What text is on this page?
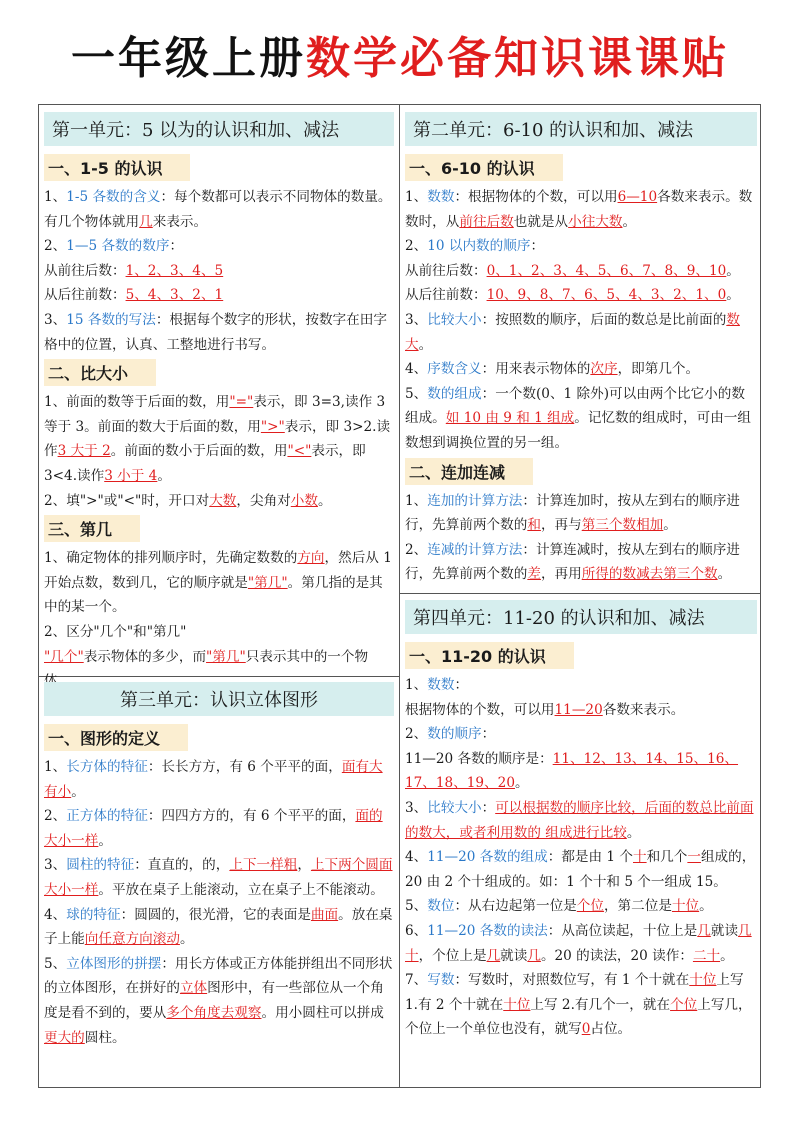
一年级上册数学必备知识课课贴
第一单元：5 以为的认识和加、减法
一、1-5 的认识
1、1-5 各数的含义：每个数都可以表示不同物体的数量。有几个物体就用几来表示。
2、1—5 各数的数序：
从前往后数：1、2、3、4、5
从后往前数：5、4、3、2、1
3、15 各数的写法：根据每个数字的形状，按数字在田字格中的位置，认真、工整地进行书写。
二、比大小
1、前面的数等于后面的数，用"="表示，即 3=3,读作 3 等于 3。前面的数大于后面的数，用">"表示，即 3>2.读作3 大于 2。前面的数小于后面的数，用"<"表示，即 3<4.读作3 小于 4。
2、填">"或"<"时，开口对大数，尖角对小数。
三、第几
1、确定物体的排列顺序时，先确定数数的方向，然后从 1 开始点数，数到几，它的顺序就是"第几"。第几指的是其中的某一个。
2、区分"几个"和"第几"
"几个"表示物体的多少，而"第几"只表示其中的一个物
第三单元：认识立体图形
一、图形的定义
1、长方体的特征：长长方方，有 6 个平平的面，面有大有小。
2、正方体的特征：四四方方的，有 6 个平平的面，面的大小一样。
3、圆柱的特征：直直的，的，上下一样粗，上下两个圆面大小一样。平放在桌子上能滚动，立在桌子上不能滚动。
4、球的特征：圆圆的，很光滑，它的表面是曲面。放在桌子上能向任意方向滚动。
5、立体图形的拼摆：用长方体或正方体能拼组出不同形状的立体图形，在拼好的立体图形中，有一些部位从一个角度是看不到的，要从多个角度去观察。用小圆柱可以拼成更大的圆柱。
第二单元：6-10 的认识和加、减法
一、6-10 的认识
1、数数：根据物体的个数，可以用6—10各数来表示。数数时，从前往后数也就是从小往大数。
2、10 以内数的顺序：
从前往后数：0、1、2、3、4、5、6、7、8、9、10。
从后往前数：10、9、8、7、6、5、4、3、2、1、0。
3、比较大小：按照数的顺序，后面的数总是比前面的数大。
4、序数含义：用来表示物体的次序，即第几个。
5、数的组成：一个数(0、1 除外)可以由两个比它小的数组成。如 10 由 9 和 1 组成。记忆数的组成时，可由一组数想到调换位置的另一组。
二、连加连减
1、连加的计算方法：计算连加时，按从左到右的顺序进行，先算前两个数的和，再与第三个数相加。
2、连减的计算方法：计算连减时，按从左到右的顺序进行，先算前两个数的差，再用所得的数减去第三个数。
第四单元：11-20 的认识和加、减法
一、11-20 的认识
1、数数：
根据物体的个数，可以用11—20各数来表示。
2、数的顺序：
11—20 各数的顺序是：11、12、13、14、15、16、17、18、19、20。
3、比较大小：可以根据数的顺序比较，后面的数总比前面的数大，或者利用数的 组成进行比较。
4、11—20 各数的组成：都是由 1 个十和几个一组成的，20 由 2 个十组成的。如：1 个十和 5 个一组成 15。
5、数位：从右边起第一位是个位，第二位是十位。
6、11—20 各数的读法：从高位读起，十位上是几就读几十，个位上是几就读几。20 的读法，20 读作：二十。
7、写数：写数时，对照数位写，有 1 个十就在十位上写 1.有 2 个十就在十位上写 2.有几个一，就在个位上写几，个位上一个单位也没有，就写0占位。
